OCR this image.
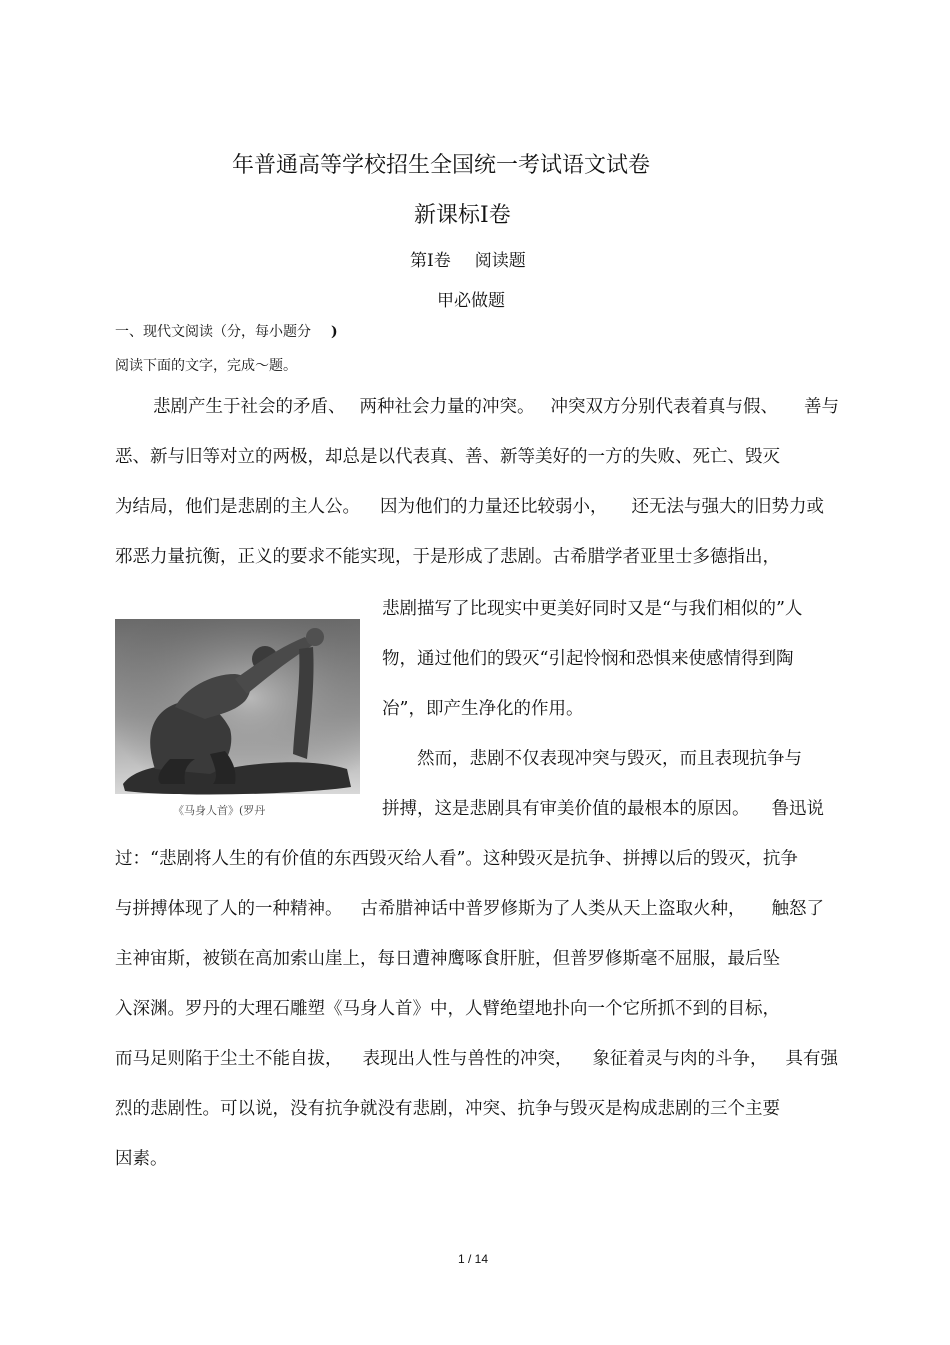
年普通高等学校招生全国统一考试语文试卷
新课标Ⅰ卷
第Ⅰ卷 阅读题
甲必做题
一、现代文阅读（分，每小题分 )
阅读下面的文字，完成～题。
悲剧产生于社会的矛盾、 两种社会力量的冲突。 冲突双方分别代表着真与假、 善与
恶、新与旧等对立的两极，却总是以代表真、善、新等美好的一方的失败、死亡、毁灭
为结局，他们是悲剧的主人公。 因为他们的力量还比较弱小， 还无法与强大的旧势力或
邪恶力量抗衡，正义的要求不能实现，于是形成了悲剧。古希腊学者亚里士多德指出，
《马身人首》(罗丹
悲剧描写了比现实中更美好同时又是“与我们相似的”人
物，通过他们的毁灭“引起怜悯和恐惧来使感情得到陶
冶”，即产生净化的作用。
然而，悲剧不仅表现冲突与毁灭，而且表现抗争与
拼搏，这是悲剧具有审美价值的最根本的原因。 鲁迅说
过：“悲剧将人生的有价值的东西毁灭给人看”。这种毁灭是抗争、拼搏以后的毁灭，抗争
与拼搏体现了人的一种精神。 古希腊神话中普罗修斯为了人类从天上盗取火种， 触怒了
主神宙斯，被锁在高加索山崖上，每日遭神鹰啄食肝脏，但普罗修斯毫不屈服，最后坠
入深渊。罗丹的大理石雕塑《马身人首》中，人臂绝望地扑向一个它所抓不到的目标，
而马足则陷于尘土不能自拔， 表现出人性与兽性的冲突， 象征着灵与肉的斗争， 具有强
烈的悲剧性。可以说，没有抗争就没有悲剧，冲突、抗争与毁灭是构成悲剧的三个主要
因素。
1 / 14
